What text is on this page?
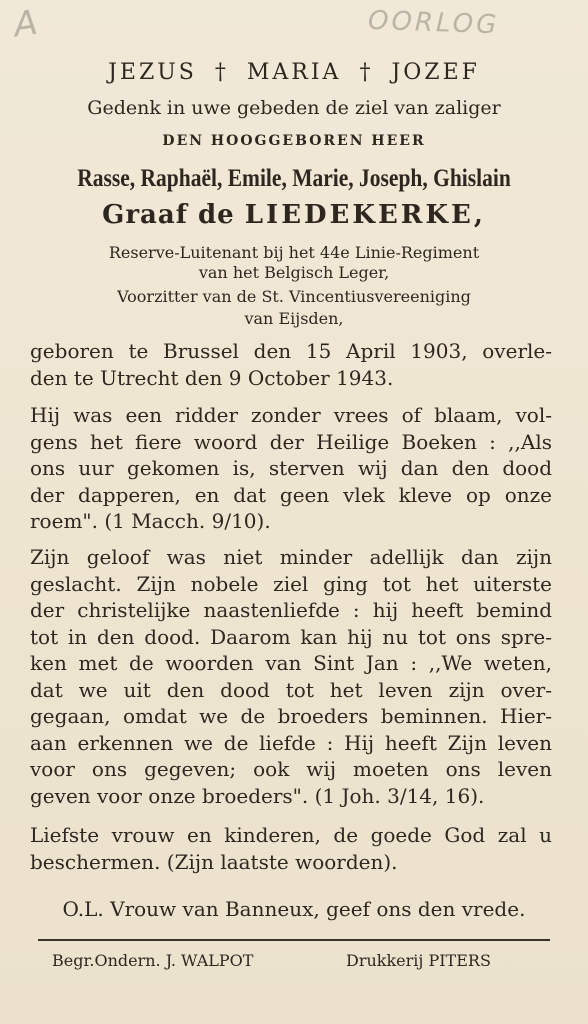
A	OORLOG
JEZUS † MARIA † JOZEF
Gedenk in uwe gebeden de ziel van zaliger
DEN HOOGGEBOREN HEER
Rasse, Raphaël, Emile, Marie, Joseph, Ghislain
Graaf de LIEDEKERKE,
Reserve-Luitenant bij het 44e Linie-Regiment
van het Belgisch Leger,
Voorzitter van de St. Vincentiusvereeniging
van Eijsden,
geboren te Brussel den 15 April 1903, overle-
den te Utrecht den 9 October 1943.
Hij was een ridder zonder vrees of blaam, vol-
gens het fiere woord der Heilige Boeken : ,,Als
ons uur gekomen is, sterven wij dan den dood
der dapperen, en dat geen vlek kleve op onze
roem". (1 Macch. 9/10).
Zijn geloof was niet minder adellijk dan zijn
geslacht. Zijn nobele ziel ging tot het uiterste
der christelijke naastenliefde : hij heeft bemind
tot in den dood. Daarom kan hij nu tot ons spre-
ken met de woorden van Sint Jan : ,,We weten,
dat we uit den dood tot het leven zijn over-
gegaan, omdat we de broeders beminnen. Hier-
aan erkennen we de liefde : Hij heeft Zijn leven
voor ons gegeven; ook wij moeten ons leven
geven voor onze broeders". (1 Joh. 3/14, 16).
Liefste vrouw en kinderen, de goede God zal u
beschermen. (Zijn laatste woorden).
O.L. Vrouw van Banneux, geef ons den vrede.
Begr.Ondern. J. WALPOT	Drukkerij PITERS
